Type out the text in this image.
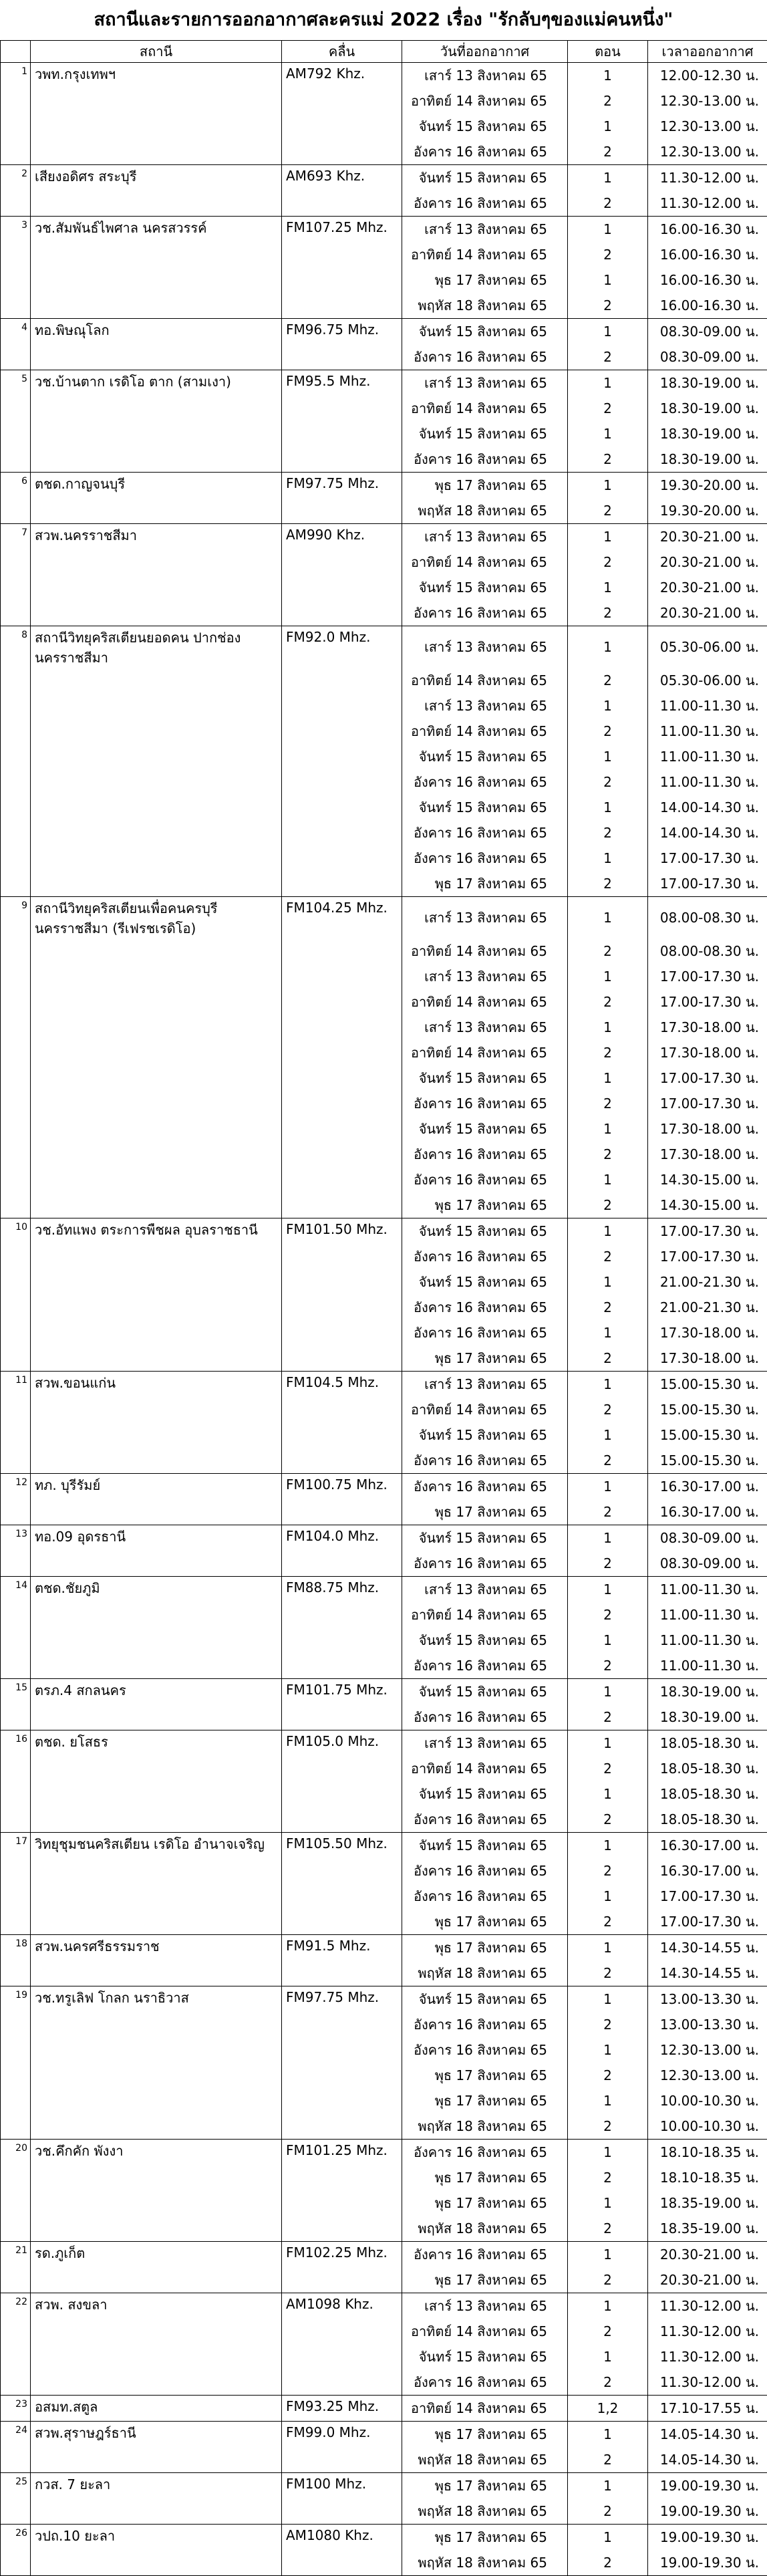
สถานีและรายการออกอากาศละครแม่ 2022 เรื่อง "รักลับๆของแม่คนหนึ่ง"
	สถานี	คลื่น	วันที่ออกอากาศ	ตอน	เวลาออกอากาศ
1	วพท.กรุงเทพฯ	AM792 Khz.	เสาร์ 13 สิงหาคม 65	1	12.00-12.30 น.
			อาทิตย์ 14 สิงหาคม 65	2	12.30-13.00 น.
			จันทร์ 15 สิงหาคม 65	1	12.30-13.00 น.
			อังคาร 16 สิงหาคม 65	2	12.30-13.00 น.
2	เสียงอดิศร สระบุรี	AM693 Khz.	จันทร์ 15 สิงหาคม 65	1	11.30-12.00 น.
			อังคาร 16 สิงหาคม 65	2	11.30-12.00 น.
3	วช.สัมพันธ์ไพศาล นครสวรรค์	FM107.25 Mhz.	เสาร์ 13 สิงหาคม 65	1	16.00-16.30 น.
			อาทิตย์ 14 สิงหาคม 65	2	16.00-16.30 น.
			พุธ 17 สิงหาคม 65	1	16.00-16.30 น.
			พฤหัส 18 สิงหาคม 65	2	16.00-16.30 น.
4	ทอ.พิษณุโลก	FM96.75 Mhz.	จันทร์ 15 สิงหาคม 65	1	08.30-09.00 น.
			อังคาร 16 สิงหาคม 65	2	08.30-09.00 น.
5	วช.บ้านตาก เรดิโอ ตาก (สามเงา)	FM95.5 Mhz.	เสาร์ 13 สิงหาคม 65	1	18.30-19.00 น.
			อาทิตย์ 14 สิงหาคม 65	2	18.30-19.00 น.
			จันทร์ 15 สิงหาคม 65	1	18.30-19.00 น.
			อังคาร 16 สิงหาคม 65	2	18.30-19.00 น.
6	ตชด.กาญจนบุรี	FM97.75 Mhz.	พุธ 17 สิงหาคม 65	1	19.30-20.00 น.
			พฤหัส 18 สิงหาคม 65	2	19.30-20.00 น.
7	สวพ.นครราชสีมา	AM990 Khz.	เสาร์ 13 สิงหาคม 65	1	20.30-21.00 น.
			อาทิตย์ 14 สิงหาคม 65	2	20.30-21.00 น.
			จันทร์ 15 สิงหาคม 65	1	20.30-21.00 น.
			อังคาร 16 สิงหาคม 65	2	20.30-21.00 น.
8	สถานีวิทยุคริสเตียนยอดคน ปากช่อง นครราชสีมา	FM92.0 Mhz.	เสาร์ 13 สิงหาคม 65	1	05.30-06.00 น.
			อาทิตย์ 14 สิงหาคม 65	2	05.30-06.00 น.
			เสาร์ 13 สิงหาคม 65	1	11.00-11.30 น.
			อาทิตย์ 14 สิงหาคม 65	2	11.00-11.30 น.
			จันทร์ 15 สิงหาคม 65	1	11.00-11.30 น.
			อังคาร 16 สิงหาคม 65	2	11.00-11.30 น.
			จันทร์ 15 สิงหาคม 65	1	14.00-14.30 น.
			อังคาร 16 สิงหาคม 65	2	14.00-14.30 น.
			อังคาร 16 สิงหาคม 65	1	17.00-17.30 น.
			พุธ 17 สิงหาคม 65	2	17.00-17.30 น.
9	สถานีวิทยุคริสเตียนเพื่อคนครบุรี นครราชสีมา (รีเฟรชเรดิโอ)	FM104.25 Mhz.	เสาร์ 13 สิงหาคม 65	1	08.00-08.30 น.
			อาทิตย์ 14 สิงหาคม 65	2	08.00-08.30 น.
			เสาร์ 13 สิงหาคม 65	1	17.00-17.30 น.
			อาทิตย์ 14 สิงหาคม 65	2	17.00-17.30 น.
			เสาร์ 13 สิงหาคม 65	1	17.30-18.00 น.
			อาทิตย์ 14 สิงหาคม 65	2	17.30-18.00 น.
			จันทร์ 15 สิงหาคม 65	1	17.00-17.30 น.
			อังคาร 16 สิงหาคม 65	2	17.00-17.30 น.
			จันทร์ 15 สิงหาคม 65	1	17.30-18.00 น.
			อังคาร 16 สิงหาคม 65	2	17.30-18.00 น.
			อังคาร 16 สิงหาคม 65	1	14.30-15.00 น.
			พุธ 17 สิงหาคม 65	2	14.30-15.00 น.
10	วช.อัทแพง ตระการพืชผล อุบลราชธานี	FM101.50 Mhz.	จันทร์ 15 สิงหาคม 65	1	17.00-17.30 น.
			อังคาร 16 สิงหาคม 65	2	17.00-17.30 น.
			จันทร์ 15 สิงหาคม 65	1	21.00-21.30 น.
			อังคาร 16 สิงหาคม 65	2	21.00-21.30 น.
			อังคาร 16 สิงหาคม 65	1	17.30-18.00 น.
			พุธ 17 สิงหาคม 65	2	17.30-18.00 น.
11	สวพ.ขอนแก่น	FM104.5 Mhz.	เสาร์ 13 สิงหาคม 65	1	15.00-15.30 น.
			อาทิตย์ 14 สิงหาคม 65	2	15.00-15.30 น.
			จันทร์ 15 สิงหาคม 65	1	15.00-15.30 น.
			อังคาร 16 สิงหาคม 65	2	15.00-15.30 น.
12	ทภ. บุรีรัมย์	FM100.75 Mhz.	อังคาร 16 สิงหาคม 65	1	16.30-17.00 น.
			พุธ 17 สิงหาคม 65	2	16.30-17.00 น.
13	ทอ.09 อุดรธานี	FM104.0 Mhz.	จันทร์ 15 สิงหาคม 65	1	08.30-09.00 น.
			อังคาร 16 สิงหาคม 65	2	08.30-09.00 น.
14	ตชด.ชัยภูมิ	FM88.75 Mhz.	เสาร์ 13 สิงหาคม 65	1	11.00-11.30 น.
			อาทิตย์ 14 สิงหาคม 65	2	11.00-11.30 น.
			จันทร์ 15 สิงหาคม 65	1	11.00-11.30 น.
			อังคาร 16 สิงหาคม 65	2	11.00-11.30 น.
15	ตรภ.4 สกลนคร	FM101.75 Mhz.	จันทร์ 15 สิงหาคม 65	1	18.30-19.00 น.
			อังคาร 16 สิงหาคม 65	2	18.30-19.00 น.
16	ตชด. ยโสธร	FM105.0 Mhz.	เสาร์ 13 สิงหาคม 65	1	18.05-18.30 น.
			อาทิตย์ 14 สิงหาคม 65	2	18.05-18.30 น.
			จันทร์ 15 สิงหาคม 65	1	18.05-18.30 น.
			อังคาร 16 สิงหาคม 65	2	18.05-18.30 น.
17	วิทยุชุมชนคริสเตียน เรดิโอ อำนาจเจริญ	FM105.50 Mhz.	จันทร์ 15 สิงหาคม 65	1	16.30-17.00 น.
			อังคาร 16 สิงหาคม 65	2	16.30-17.00 น.
			อังคาร 16 สิงหาคม 65	1	17.00-17.30 น.
			พุธ 17 สิงหาคม 65	2	17.00-17.30 น.
18	สวพ.นครศรีธรรมราช	FM91.5 Mhz.	พุธ 17 สิงหาคม 65	1	14.30-14.55 น.
			พฤหัส 18 สิงหาคม 65	2	14.30-14.55 น.
19	วช.ทรูเลิฟ โกลก นราธิวาส	FM97.75 Mhz.	จันทร์ 15 สิงหาคม 65	1	13.00-13.30 น.
			อังคาร 16 สิงหาคม 65	2	13.00-13.30 น.
			อังคาร 16 สิงหาคม 65	1	12.30-13.00 น.
			พุธ 17 สิงหาคม 65	2	12.30-13.00 น.
			พุธ 17 สิงหาคม 65	1	10.00-10.30 น.
			พฤหัส 18 สิงหาคม 65	2	10.00-10.30 น.
20	วช.คึกคัก พังงา	FM101.25 Mhz.	อังคาร 16 สิงหาคม 65	1	18.10-18.35 น.
			พุธ 17 สิงหาคม 65	2	18.10-18.35 น.
			พุธ 17 สิงหาคม 65	1	18.35-19.00 น.
			พฤหัส 18 สิงหาคม 65	2	18.35-19.00 น.
21	รด.ภูเก็ต	FM102.25 Mhz.	อังคาร 16 สิงหาคม 65	1	20.30-21.00 น.
			พุธ 17 สิงหาคม 65	2	20.30-21.00 น.
22	สวพ. สงขลา	AM1098 Khz.	เสาร์ 13 สิงหาคม 65	1	11.30-12.00 น.
			อาทิตย์ 14 สิงหาคม 65	2	11.30-12.00 น.
			จันทร์ 15 สิงหาคม 65	1	11.30-12.00 น.
			อังคาร 16 สิงหาคม 65	2	11.30-12.00 น.
23	อสมท.สตูล	FM93.25 Mhz.	อาทิตย์ 14 สิงหาคม 65	1,2	17.10-17.55 น.
24	สวพ.สุราษฎร์ธานี	FM99.0 Mhz.	พุธ 17 สิงหาคม 65	1	14.05-14.30 น.
			พฤหัส 18 สิงหาคม 65	2	14.05-14.30 น.
25	กวส. 7 ยะลา	FM100 Mhz.	พุธ 17 สิงหาคม 65	1	19.00-19.30 น.
			พฤหัส 18 สิงหาคม 65	2	19.00-19.30 น.
26	วปถ.10 ยะลา	AM1080 Khz.	พุธ 17 สิงหาคม 65	1	19.00-19.30 น.
			พฤหัส 18 สิงหาคม 65	2	19.00-19.30 น.
